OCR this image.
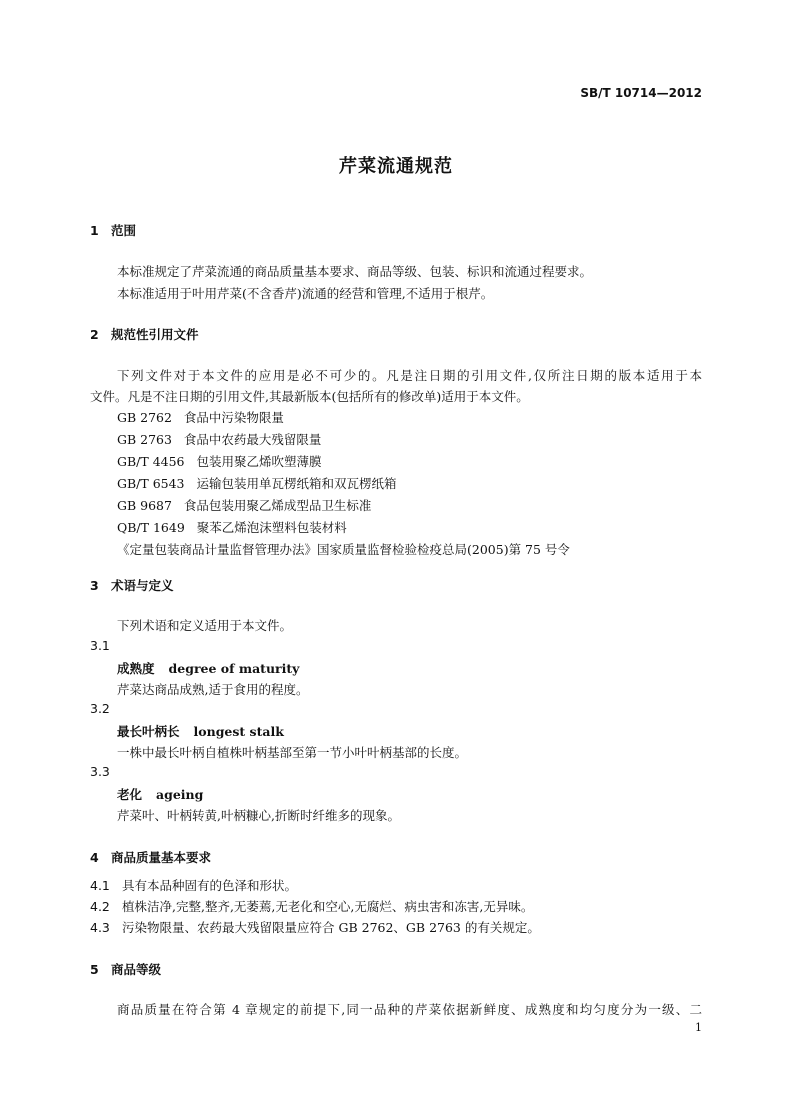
SB/T 10714—2012
芹菜流通规范
1 范围
本标准规定了芹菜流通的商品质量基本要求、商品等级、包装、标识和流通过程要求。
本标准适用于叶用芹菜(不含香芹)流通的经营和管理,不适用于根芹。
2 规范性引用文件
下列文件对于本文件的应用是必不可少的。凡是注日期的引用文件,仅所注日期的版本适用于本
文件。凡是不注日期的引用文件,其最新版本(包括所有的修改单)适用于本文件。
GB 2762 食品中污染物限量
GB 2763 食品中农药最大残留限量
GB/T 4456 包装用聚乙烯吹塑薄膜
GB/T 6543 运输包装用单瓦楞纸箱和双瓦楞纸箱
GB 9687 食品包装用聚乙烯成型品卫生标准
QB/T 1649 聚苯乙烯泡沫塑料包装材料
《定量包装商品计量监督管理办法》国家质量监督检验检疫总局(2005)第 75 号令
3 术语与定义
下列术语和定义适用于本文件。
3.1
成熟度 degree of maturity
芹菜达商品成熟,适于食用的程度。
3.2
最长叶柄长 longest stalk
一株中最长叶柄自植株叶柄基部至第一节小叶叶柄基部的长度。
3.3
老化 ageing
芹菜叶、叶柄转黄,叶柄糠心,折断时纤维多的现象。
4 商品质量基本要求
4.1 具有本品种固有的色泽和形状。
4.2 植株洁净,完整,整齐,无萎蔫,无老化和空心,无腐烂、病虫害和冻害,无异味。
4.3 污染物限量、农药最大残留限量应符合 GB 2762、GB 2763 的有关规定。
5 商品等级
商品质量在符合第 4 章规定的前提下,同一品种的芹菜依据新鲜度、成熟度和均匀度分为一级、二
1
